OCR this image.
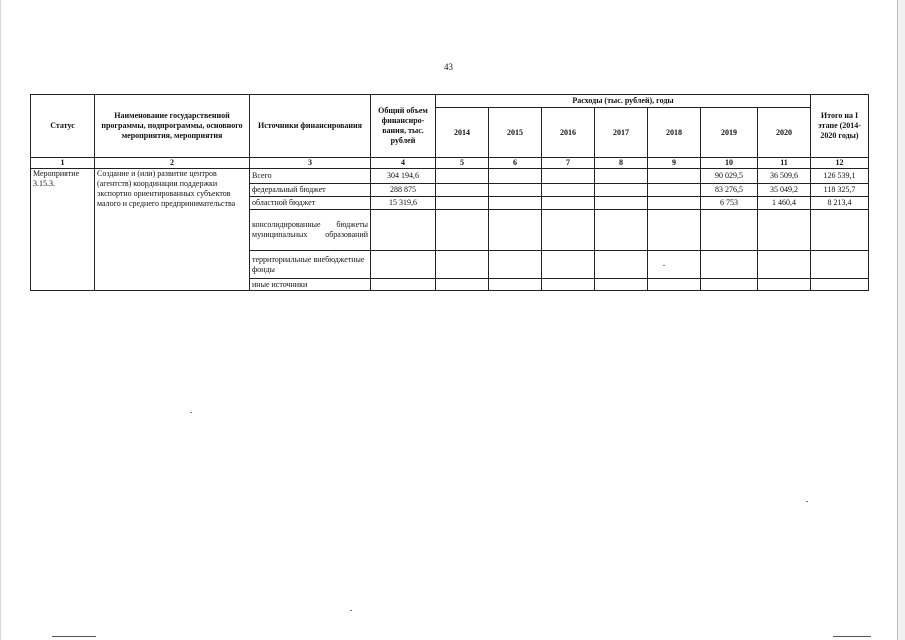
43
Статус	Наименование государственной программы, подпрограммы, основного мероприятия, мероприятия	Источники финансирования	Общий объем финансиро-вания, тыс. рублей	Расходы (тыс. рублей), годы							Итого на I этапе (2014-2020 годы)
				2014	2015	2016	2017	2018	2019	2020	
1	2	3	4	5	6	7	8	9	10	11	12
Мероприятие 3.15.3.	Создание и (или) развитие центров (агентств) координации поддержки экспортно ориентированных субъектов малого и среднего предпринимательства	Всего	304 194,6						90 029,5	36 509,6	126 539,1
		федеральный бюджет	288 875						83 276,5	35 049,2	118 325,7
		областной бюджет	15 319,6						6 753	1 460,4	8 213,4
		консолидированные бюджеты муниципальных образований									
		территориальные внебюджетные фонды									
		иные источники									
